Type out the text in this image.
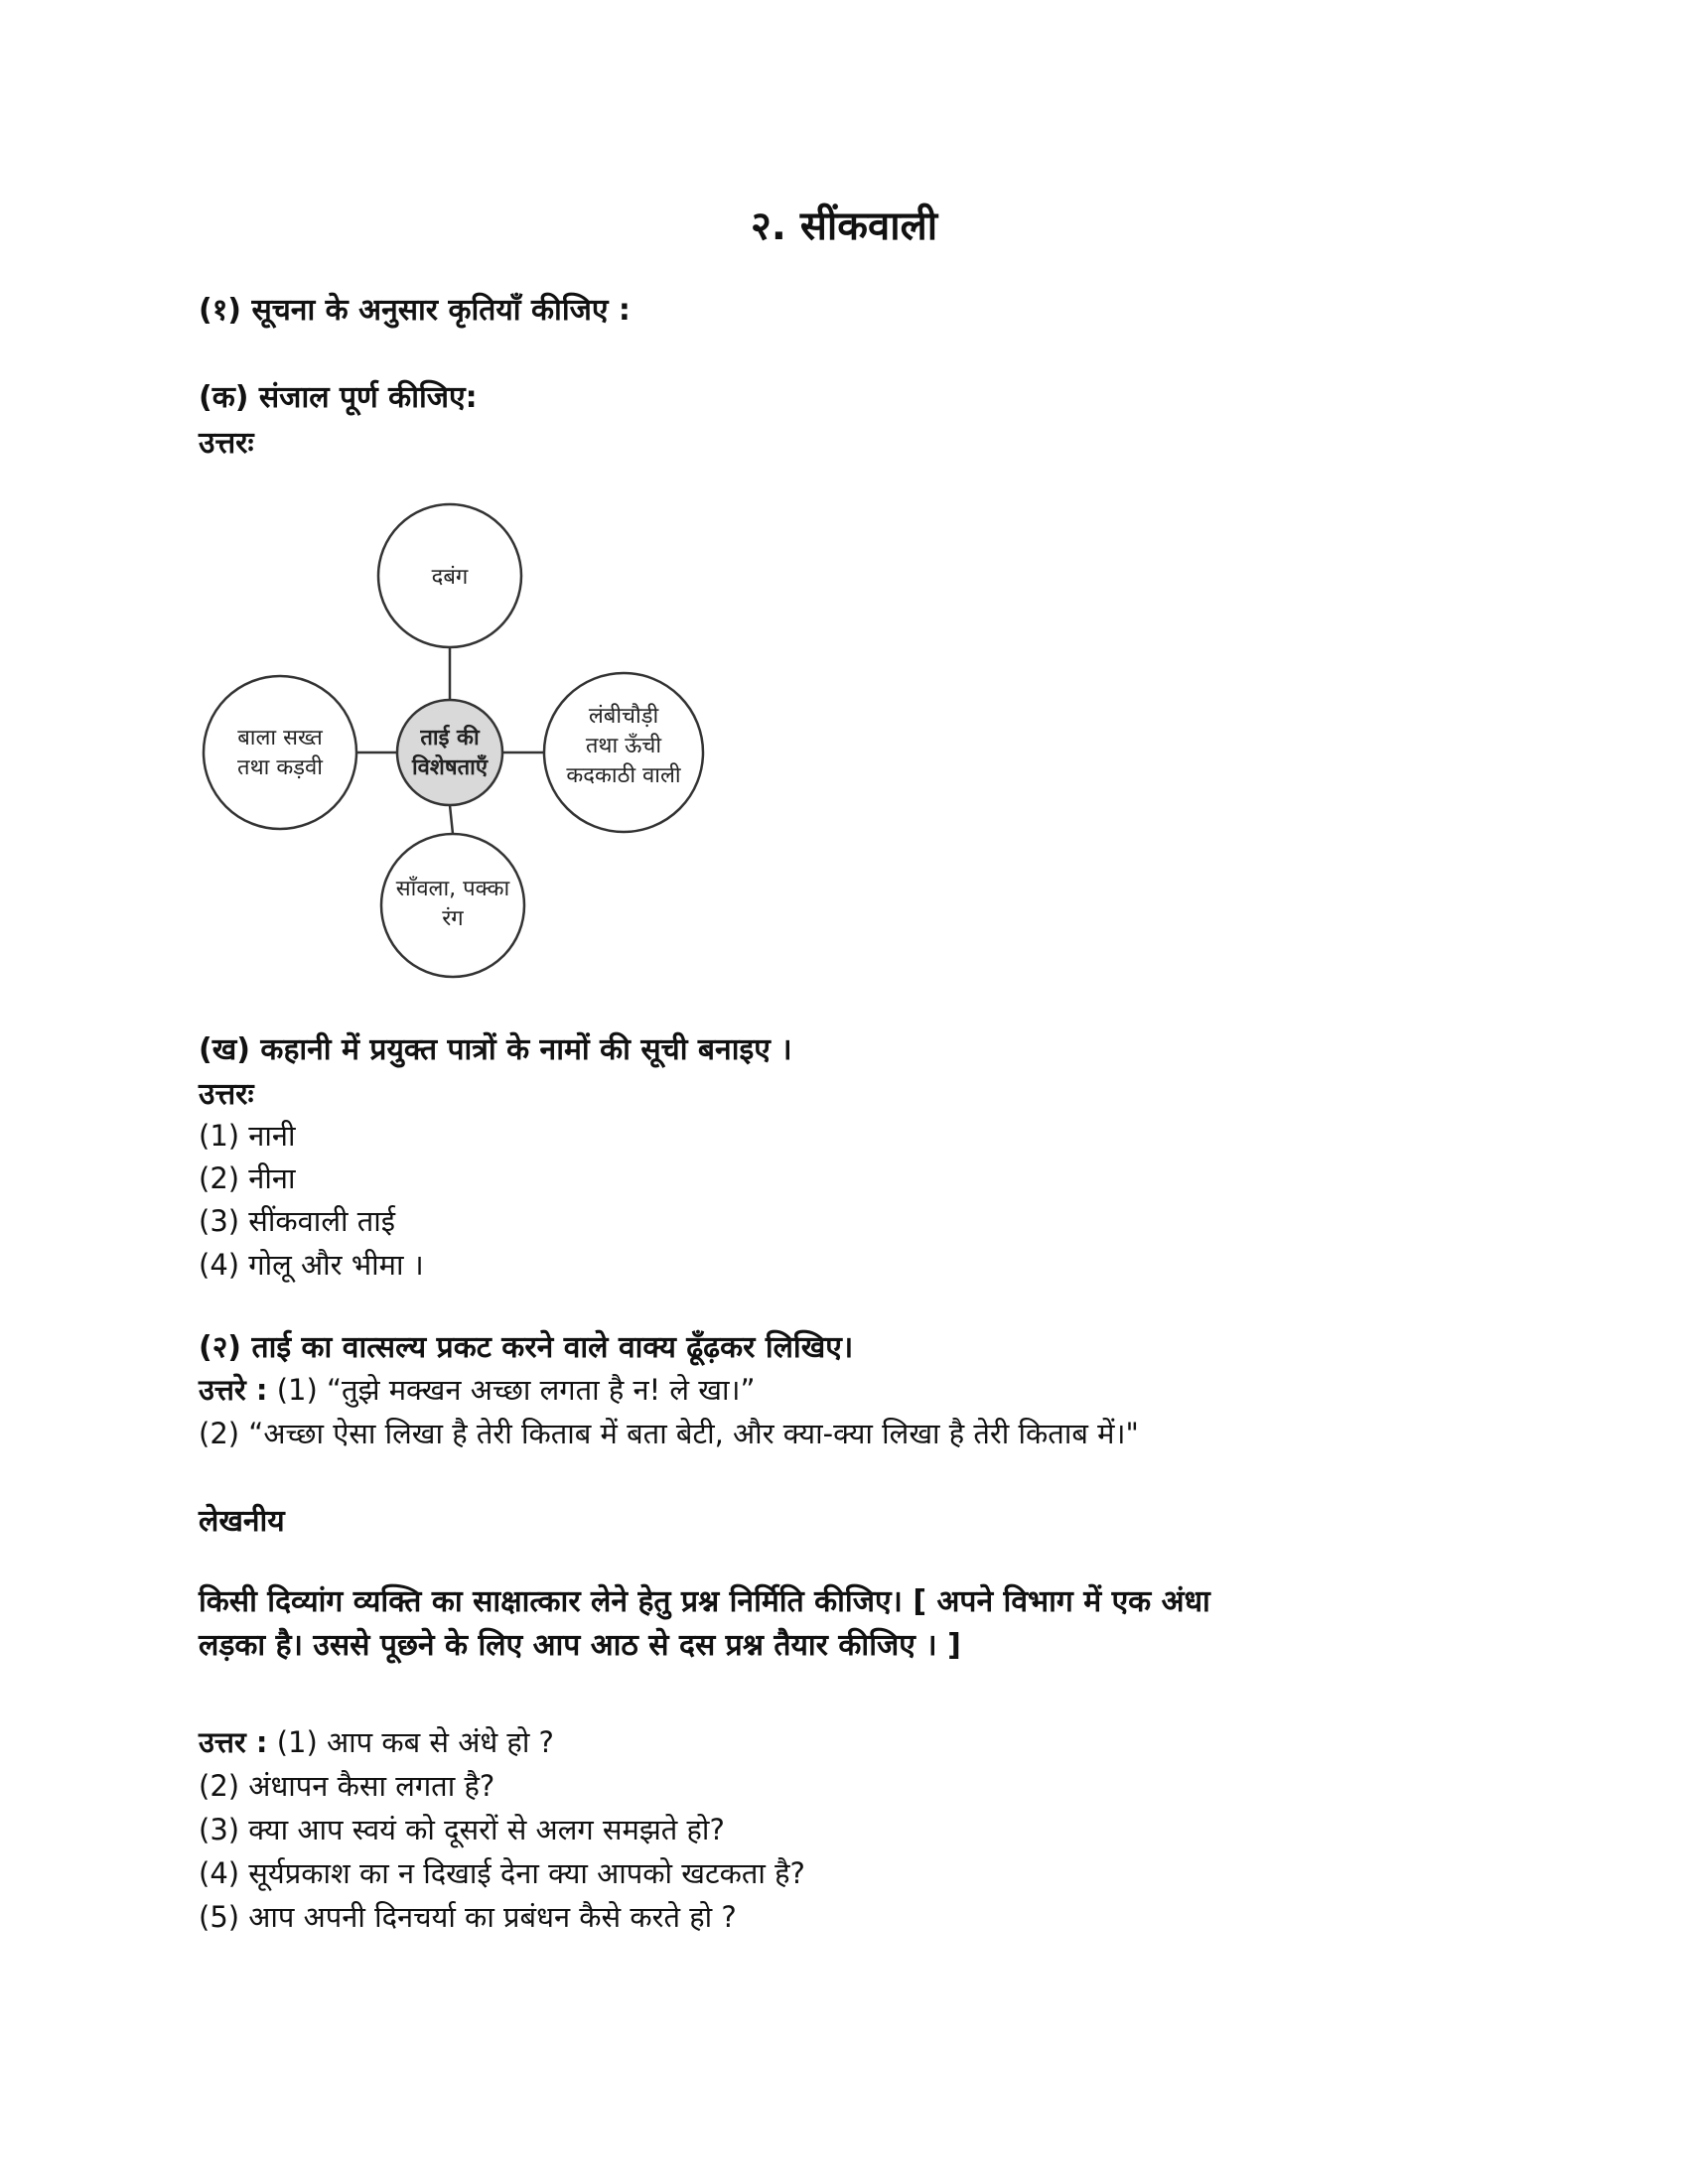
२. सींकवाली
(१) सूचना के अनुसार कृतियाँ कीजिए :
(क) संजाल पूर्ण कीजिए:
उत्तरः
ताई की
विशेषताएँ
दबंग
बाला सख्त
तथा कड़वी
लंबीचौड़ी
तथा ऊँची
कदकाठी वाली
साँवला, पक्का
रंग
(ख) कहानी में प्रयुक्त पात्रों के नामों की सूची बनाइए ।
उत्तरः
(1) नानी
(2) नीना
(3) सींकवाली ताई
(4) गोलू और भीमा ।
(२) ताई का वात्सल्य प्रकट करने वाले वाक्य ढूँढ़कर लिखिए।
उत्तरे : (1) “तुझे मक्खन अच्छा लगता है न! ले खा।”
(2) “अच्छा ऐसा लिखा है तेरी किताब में बता बेटी, और क्या-क्या लिखा है तेरी किताब में।"
लेखनीय
किसी दिव्यांग व्यक्ति का साक्षात्कार लेने हेतु प्रश्न निर्मिति कीजिए। [ अपने विभाग में एक अंधा
लड़का है। उससे पूछने के लिए आप आठ से दस प्रश्न तैयार कीजिए । ]
उत्तर : (1) आप कब से अंधे हो ?
(2) अंधापन कैसा लगता है?
(3) क्या आप स्वयं को दूसरों से अलग समझते हो?
(4) सूर्यप्रकाश का न दिखाई देना क्या आपको खटकता है?
(5) आप अपनी दिनचर्या का प्रबंधन कैसे करते हो ?
